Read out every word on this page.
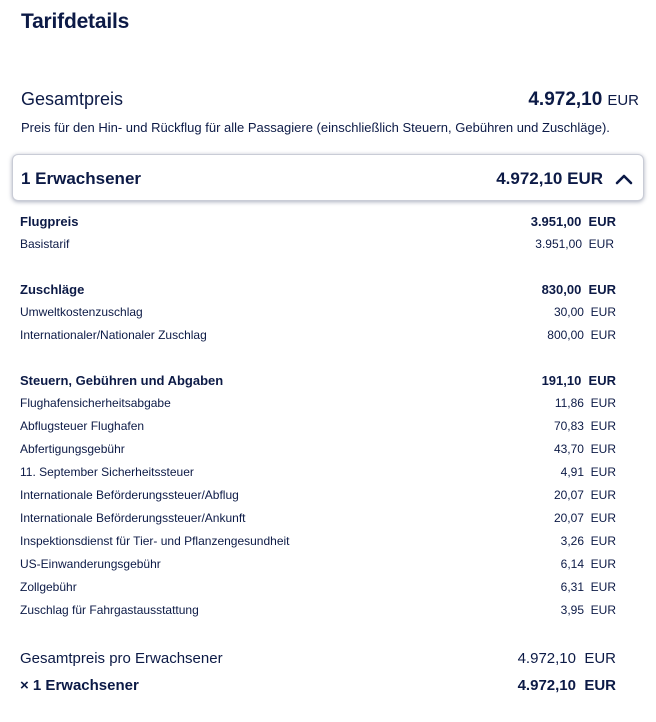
Tarifdetails
Gesamtpreis	4.972,10 EUR
Preis für den Hin- und Rückflug für alle Passagiere (einschließlich Steuern, Gebühren und Zuschläge).
1 Erwachsener	4.972,10 EUR
Flugpreis	3.951,00  EUR
Basistarif	3.951,00  EUR
Zuschläge	830,00  EUR
Umweltkostenzuschlag	30,00  EUR
Internationaler/Nationaler Zuschlag	800,00  EUR
Steuern, Gebühren und Abgaben	191,10  EUR
Flughafensicherheitsabgabe	11,86  EUR
Abflugsteuer Flughafen	70,83  EUR
Abfertigungsgebühr	43,70  EUR
11. September Sicherheitssteuer	4,91  EUR
Internationale Beförderungssteuer/Abflug	20,07  EUR
Internationale Beförderungssteuer/Ankunft	20,07  EUR
Inspektionsdienst für Tier- und Pflanzengesundheit	3,26  EUR
US-Einwanderungsgebühr	6,14  EUR
Zollgebühr	6,31  EUR
Zuschlag für Fahrgastausstattung	3,95  EUR
Gesamtpreis pro Erwachsener	4.972,10  EUR
× 1 Erwachsener	4.972,10  EUR
